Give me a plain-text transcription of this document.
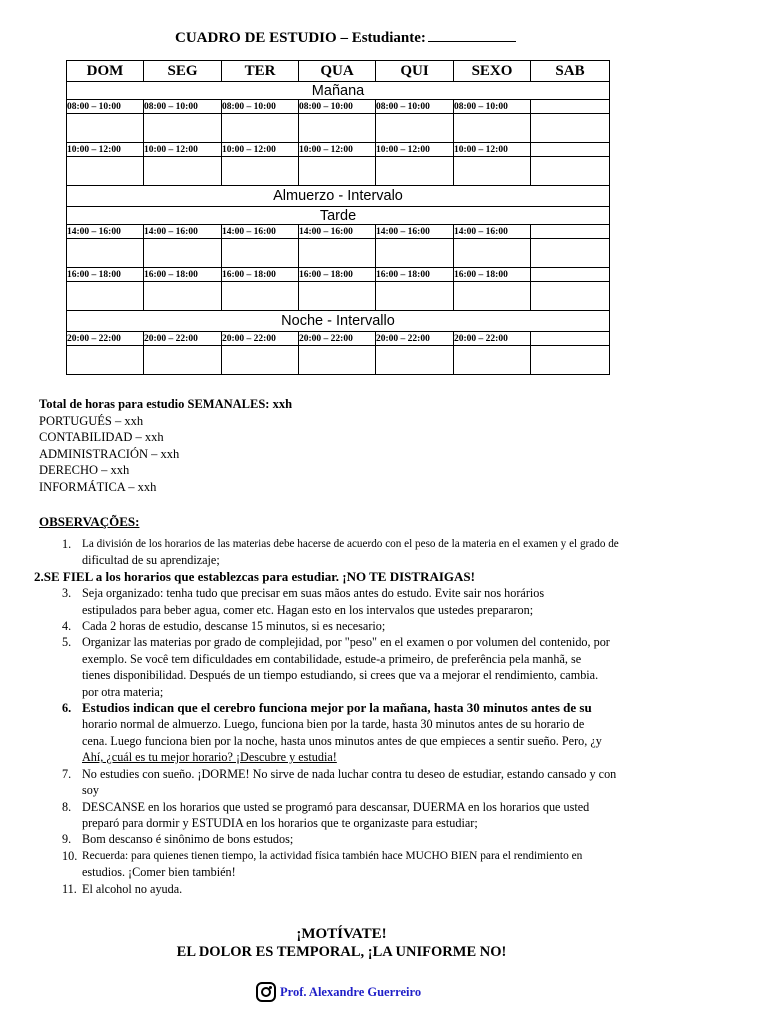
CUADRO DE ESTUDIO – Estudiante:
DOM	SEG	TER	QUA	QUI	SEXO	SAB
Mañana						
08:00 – 10:00	08:00 – 10:00	08:00 – 10:00	08:00 – 10:00	08:00 – 10:00	08:00 – 10:00	

10:00 – 12:00	10:00 – 12:00	10:00 – 12:00	10:00 – 12:00	10:00 – 12:00	10:00 – 12:00	

Almuerzo - Intervalo						
Tarde						
14:00 – 16:00	14:00 – 16:00	14:00 – 16:00	14:00 – 16:00	14:00 – 16:00	14:00 – 16:00	

16:00 – 18:00	16:00 – 18:00	16:00 – 18:00	16:00 – 18:00	16:00 – 18:00	16:00 – 18:00	

Noche - Intervallo						
20:00 – 22:00	20:00 – 22:00	20:00 – 22:00	20:00 – 22:00	20:00 – 22:00	20:00 – 22:00	

Total de horas para estudio SEMANALES: xxh
PORTUGUÉS – xxh
CONTABILIDAD – xxh
ADMINISTRACIÓN – xxh
DERECHO – xxh
INFORMÁTICA – xxh
OBSERVAÇÕES:
1. La división de los horarios de las materias debe hacerse de acuerdo con el peso de la materia en el examen y el grado de
dificultad de su aprendizaje;
2.SE FIEL a los horarios que establezcas para estudiar. ¡NO TE DISTRAIGAS!
3. Seja organizado: tenha tudo que precisar em suas mãos antes do estudo. Evite sair nos horários
estipulados para beber agua, comer etc. Hagan esto en los intervalos que ustedes prepararon;
4. Cada 2 horas de estudio, descanse 15 minutos, si es necesario;
5. Organizar las materias por grado de complejidad, por "peso" en el examen o por volumen del contenido, por
exemplo. Se você tem dificuldades em contabilidade, estude-a primeiro, de preferência pela manhã, se
tienes disponibilidad. Después de un tiempo estudiando, si crees que va a mejorar el rendimiento, cambia.
por otra materia;
6. Estudios indican que el cerebro funciona mejor por la mañana, hasta 30 minutos antes de su
horario normal de almuerzo. Luego, funciona bien por la tarde, hasta 30 minutos antes de su horario de
cena. Luego funciona bien por la noche, hasta unos minutos antes de que empieces a sentir sueño. Pero, ¿y
Ahí, ¿cuál es tu mejor horario? ¡Descubre y estudia!
7. No estudies con sueño. ¡DORME! No sirve de nada luchar contra tu deseo de estudiar, estando cansado y con
soy
8. DESCANSE en los horarios que usted se programó para descansar, DUERMA en los horarios que usted
preparó para dormir y ESTUDIA en los horarios que te organizaste para estudiar;
9. Bom descanso é sinônimo de bons estudos;
10. Recuerda: para quienes tienen tiempo, la actividad física también hace MUCHO BIEN para el rendimiento en
estudios. ¡Comer bien también!
11. El alcohol no ayuda.
¡MOTÍVATE!
EL DOLOR ES TEMPORAL, ¡LA UNIFORME NO!
Prof. Alexandre Guerreiro
